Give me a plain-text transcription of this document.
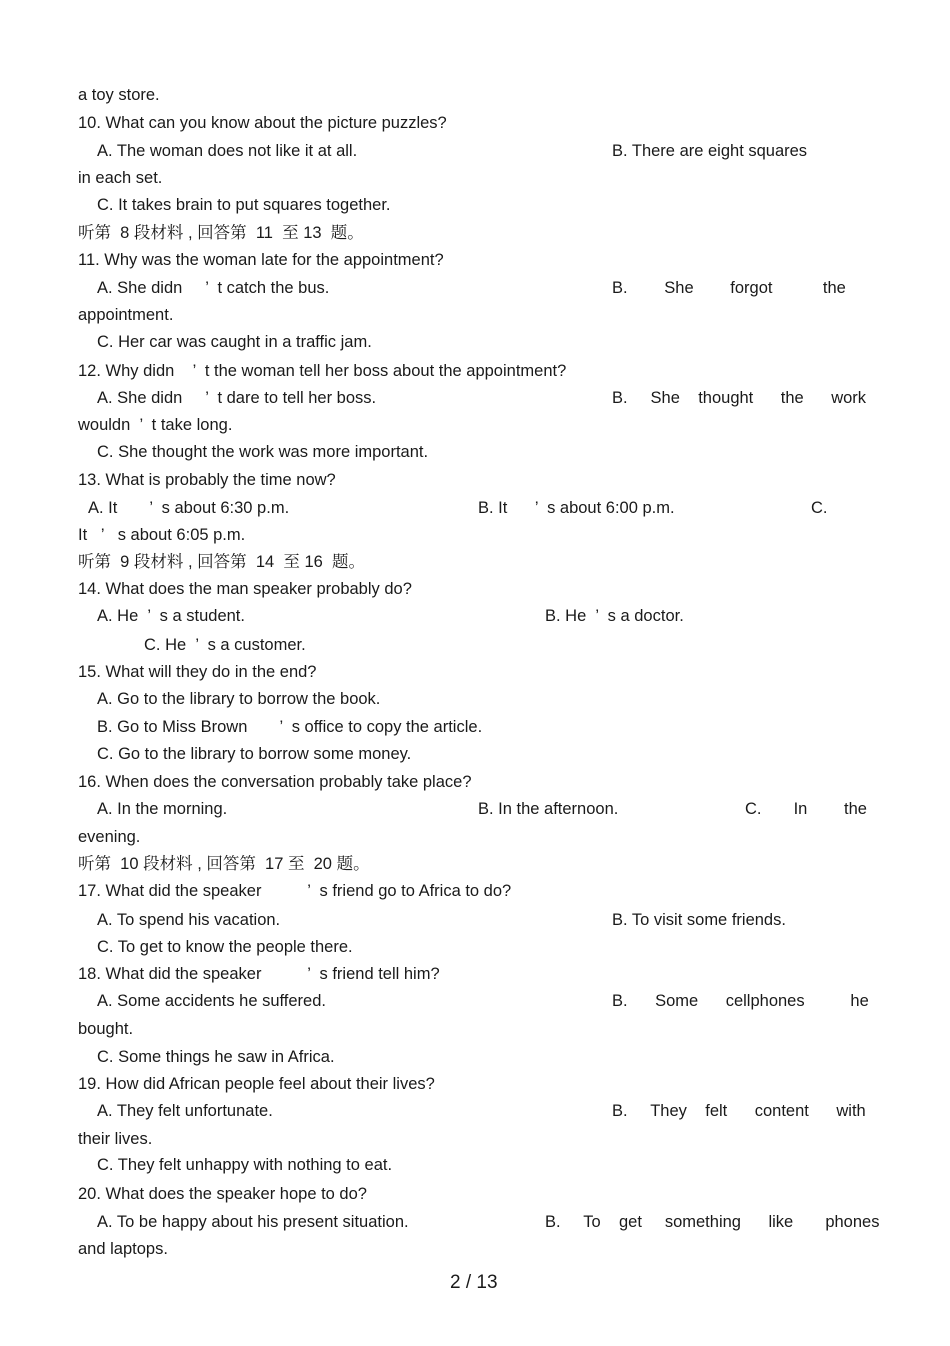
a toy store.

10. What can you know about the picture puzzles?

A. The woman does not like it at all.	B. There are eight squares

in each set.

C. It takes brain to put squares together.

听第  8 段材料 , 回答第  11  至 13  题。

11. Why was the woman late for the appointment?

A. She didn     ’  t catch the bus.	B.        She        forgot           the

appointment.

C. Her car was caught in a traffic jam.

12. Why didn    ’  t the woman tell her boss about the appointment?

A. She didn     ’  t dare to tell her boss.	B.     She    thought      the      work

wouldn  ’  t take long.

C. She thought the work was more important.

13. What is probably the time now?

A. It       ’  s about 6:30 p.m.	B. It      ’  s about 6:00 p.m.	C.

It   ’   s about 6:05 p.m.

听第  9 段材料 , 回答第  14  至 16  题。

14. What does the man speaker probably do?

A. He  ’  s a student.	B. He  ’  s a doctor.

C. He  ’  s a customer.

15. What will they do in the end?

A. Go to the library to borrow the book.

B. Go to Miss Brown       ’  s office to copy the article.

C. Go to the library to borrow some money.

16. When does the conversation probably take place?

A. In the morning.	B. In the afternoon.	C.       In        the

evening.

听第  10 段材料 , 回答第  17 至  20 题。

17. What did the speaker          ’  s friend go to Africa to do?

A. To spend his vacation.	B. To visit some friends.

C. To get to know the people there.

18. What did the speaker          ’  s friend tell him?

A. Some accidents he suffered.	B.      Some      cellphones          he

bought.

C. Some things he saw in Africa.

19. How did African people feel about their lives?

A. They felt unfortunate.	B.     They    felt      content      with

their lives.

C. They felt unhappy with nothing to eat.

20. What does the speaker hope to do?

A. To be happy about his present situation.	B.     To    get     something      like       phones

and laptops.

2 / 13
